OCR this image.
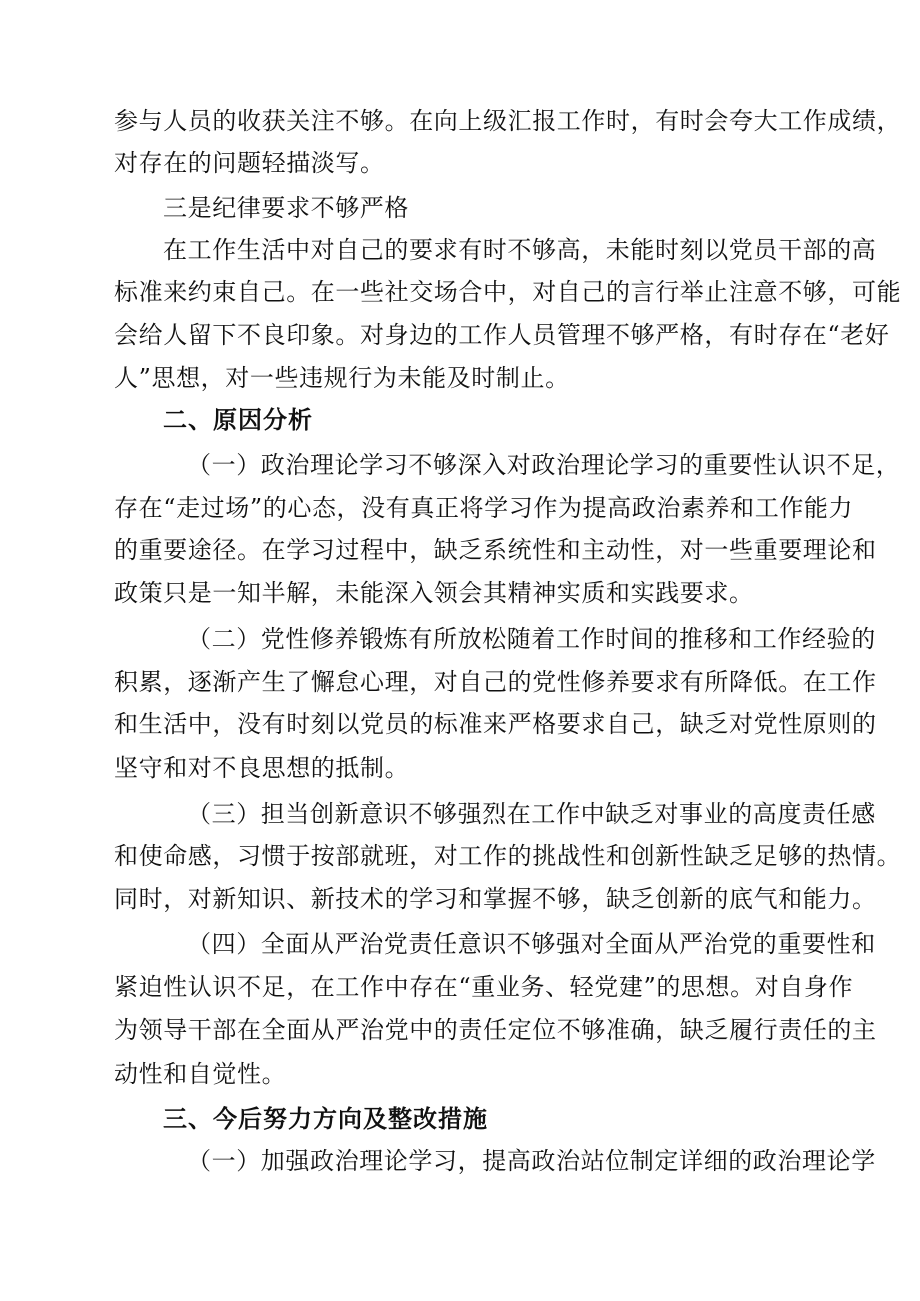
参与人员的收获关注不够。在向上级汇报工作时，有时会夸大工作成绩，

对存在的问题轻描淡写。

三是纪律要求不够严格

在工作生活中对自己的要求有时不够高，未能时刻以党员干部的高

标准来约束自己。在一些社交场合中，对自己的言行举止注意不够，可能

会给人留下不良印象。对身边的工作人员管理不够严格，有时存在“老好

人”思想，对一些违规行为未能及时制止。

二、原因分析

（一）政治理论学习不够深入对政治理论学习的重要性认识不足，

存在“走过场”的心态，没有真正将学习作为提高政治素养和工作能力

的重要途径。在学习过程中，缺乏系统性和主动性，对一些重要理论和

政策只是一知半解，未能深入领会其精神实质和实践要求。

（二）党性修养锻炼有所放松随着工作时间的推移和工作经验的

积累，逐渐产生了懈怠心理，对自己的党性修养要求有所降低。在工作

和生活中，没有时刻以党员的标准来严格要求自己，缺乏对党性原则的

坚守和对不良思想的抵制。

（三）担当创新意识不够强烈在工作中缺乏对事业的高度责任感

和使命感，习惯于按部就班，对工作的挑战性和创新性缺乏足够的热情。

同时，对新知识、新技术的学习和掌握不够，缺乏创新的底气和能力。

（四）全面从严治党责任意识不够强对全面从严治党的重要性和

紧迫性认识不足，在工作中存在“重业务、轻党建”的思想。对自身作

为领导干部在全面从严治党中的责任定位不够准确，缺乏履行责任的主

动性和自觉性。

三、今后努力方向及整改措施

（一）加强政治理论学习，提高政治站位制定详细的政治理论学
